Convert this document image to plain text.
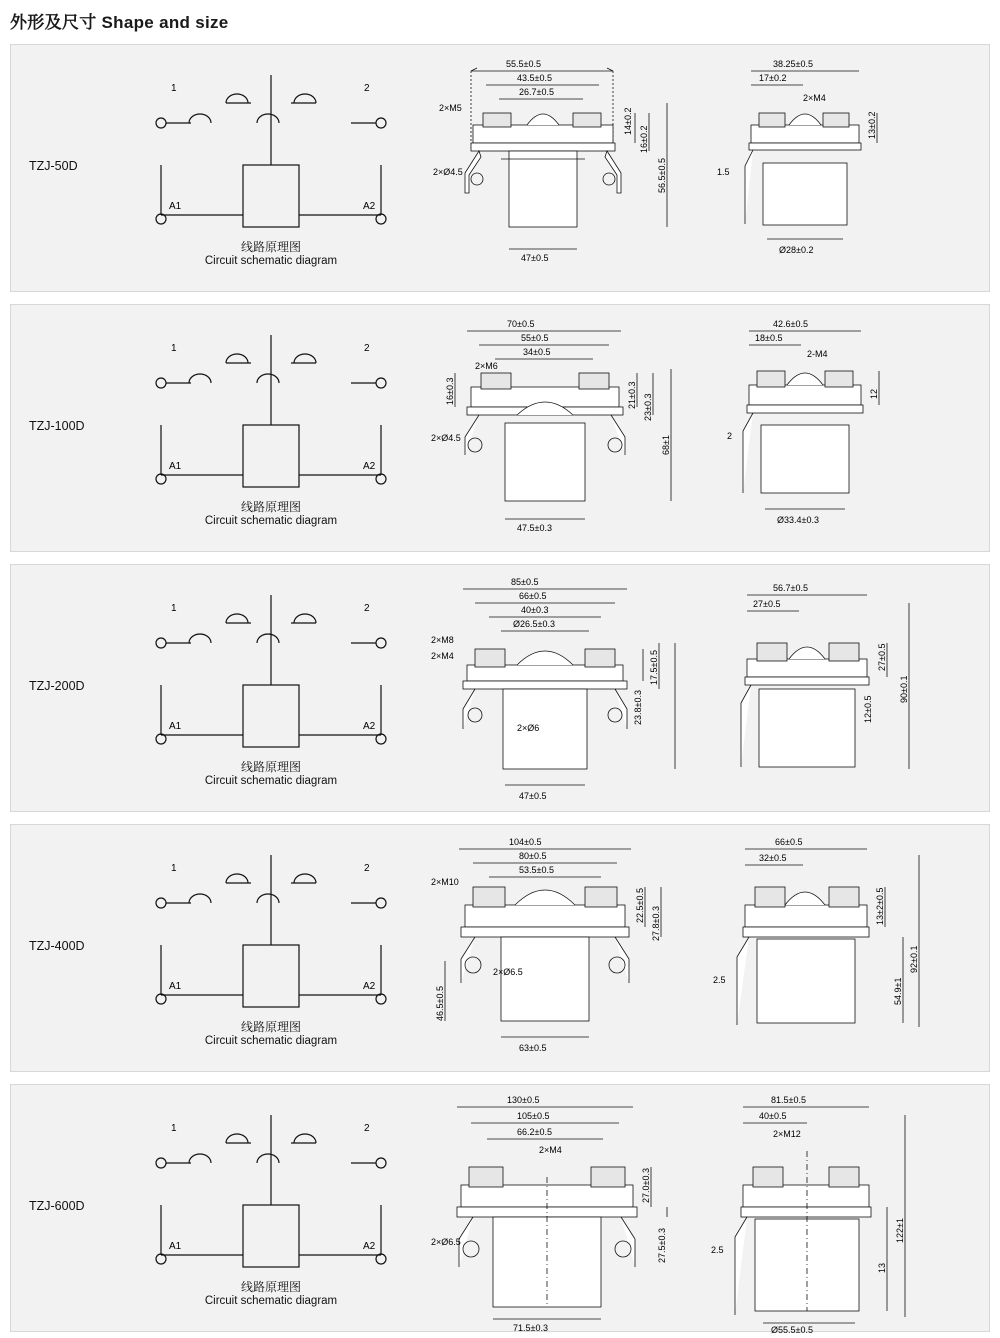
外形及尺寸 Shape and size
TZJ-50D
1	2
A1	A2
线路原理图
Circuit schematic diagram
55.5±0.5
43.5±0.5
26.7±0.5
2×M5
2×Ø4.5
14±0.2
16±0.2
56.5±0.5
47±0.5
38.25±0.5
17±0.2
2×M4
13±0.2
1.5
Ø28±0.2
TZJ-100D
1	2
A1	A2
线路原理图
Circuit schematic diagram
70±0.5
55±0.5
34±0.5
2×M6
2×Ø4.5
16±0.3	21±0.3 23±0.3
68±1
47.5±0.3
42.6±0.5
18±0.5
2-M4
12
2
Ø33.4±0.3
TZJ-200D
1	2
A1	A2
线路原理图
Circuit schematic diagram
85±0.5
66±0.5
40±0.3
Ø26.5±0.3
2×M8
2×M4
2×Ø6
17.5±0.5
23.8±0.3
47±0.5
56.7±0.5
27±0.5
27±0.5
12±0.5
90±0.1
TZJ-400D
1	2
A1	A2
线路原理图
Circuit schematic diagram
104±0.5
80±0.5
53.5±0.5
2×M10
2×Ø6.5
22.5±0.5
27.8±0.3
46.5±0.5
63±0.5
66±0.5
32±0.5
13±2±0.5
54.9±1
92±0.1
2.5
TZJ-600D
1	2
A1	A2
线路原理图
Circuit schematic diagram
130±0.5
105±0.5
66.2±0.5
2×M4
2×Ø6.5
27.0±0.3
27.5±0.3
71.5±0.3
81.5±0.5
40±0.5
2×M12
13
122±1
2.5
Ø55.5±0.5
